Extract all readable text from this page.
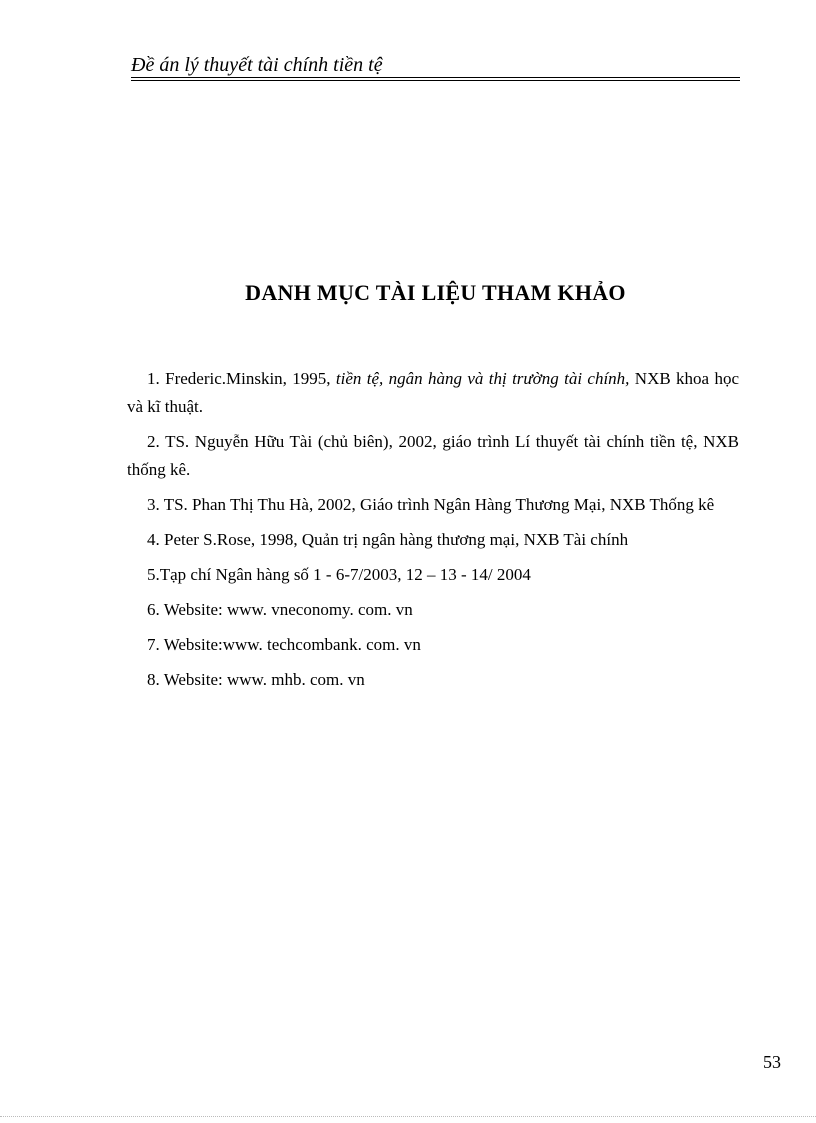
Đề án lý thuyết tài chính tiền tệ
DANH MỤC TÀI LIỆU THAM KHẢO

1. Frederic.Minskin, 1995, tiền tệ, ngân hàng và thị trường tài chính, NXB khoa học và kĩ thuật.

2. TS. Nguyễn Hữu Tài (chủ biên), 2002, giáo trình Lí thuyết tài chính tiền tệ, NXB thống kê.

3. TS. Phan Thị Thu Hà, 2002, Giáo trình Ngân Hàng Thương Mại, NXB Thống kê

4. Peter S.Rose, 1998, Quản trị ngân hàng thương mại, NXB Tài chính

5.Tạp chí Ngân hàng số 1 - 6-7/2003, 12 – 13 - 14/ 2004

6. Website: www. vneconomy. com. vn

7. Website:www. techcombank. com. vn

8. Website: www. mhb. com. vn

53
